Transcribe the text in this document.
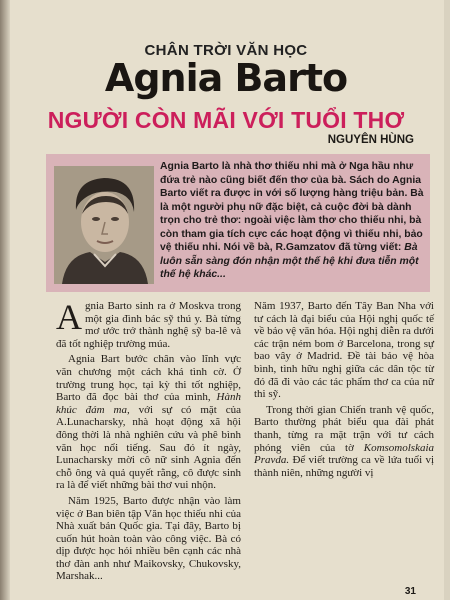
CHÂN TRỜI VĂN HỌC
Agnia Barto
NGƯỜI CÒN MÃI VỚI TUỔI THƠ
NGUYÊN HÙNG

Agnia Barto là nhà thơ thiếu nhi mà ở Nga hầu như đứa trẻ nào cũng biết đến thơ của bà. Sách do Agnia Barto viết ra được in với số lượng hàng triệu bản. Bà là một người phụ nữ đặc biệt, cả cuộc đời bà dành trọn cho trẻ thơ: ngoài việc làm thơ cho thiếu nhi, bà còn tham gia tích cực các hoạt động vì thiếu nhi, bảo vệ thiếu nhi. Nói về bà, R.Gamzatov đã từng viết: Bà luôn sẵn sàng đón nhận một thế hệ khi đưa tiễn một thế hệ khác...

A gnia Barto sinh ra ở Moskva trong một gia đình bác sỹ thú y. Bà từng mơ ước trở thành nghệ sỹ ba-lê và đã tốt nghiệp trường múa.

Agnia Bart bước chân vào lĩnh vực văn chương một cách khá tình cờ. Ở trường trung học, tại kỳ thi tốt nghiệp, Barto đã đọc bài thơ của mình, Hành khúc đám ma, với sự có mặt của A.Lunacharsky, nhà hoạt động xã hội đông thời là nhà nghiên cứu và phê bình văn học nổi tiếng. Sau đó ít ngày, Lunacharsky mời cô nữ sinh Agnia đến chỗ ông và quả quyết rằng, cô được sinh ra là để viết những bài thơ vui nhộn.

Năm 1925, Barto được nhận vào làm việc ở Ban biên tập Văn học thiếu nhi của Nhà xuất bản Quốc gia. Tại đây, Barto bị cuốn hút hoàn toàn vào công việc. Bà có dịp được học hỏi nhiều bên cạnh các nhà thơ đàn anh như Maikovsky, Chukovsky, Marshak...

Năm 1937, Barto đến Tây Ban Nha với tư cách là đại biểu của Hội nghị quốc tế về bảo vệ văn hóa. Hội nghị diễn ra dưới các trận ném bom ở Barcelona, trong sự bao vây ở Madrid. Đề tài bảo vệ hòa bình, tình hữu nghị giữa các dân tộc từ đó đã đi vào các tác phẩm thơ ca của nữ thi sỹ.

Trong thời gian Chiến tranh vệ quốc, Barto thường phát biểu qua đài phát thanh, từng ra mặt trận với tư cách phóng viên của tờ Komsomolskaia Pravda. Để viết trường ca về lứa tuổi vị thành niên, những người vị

31
